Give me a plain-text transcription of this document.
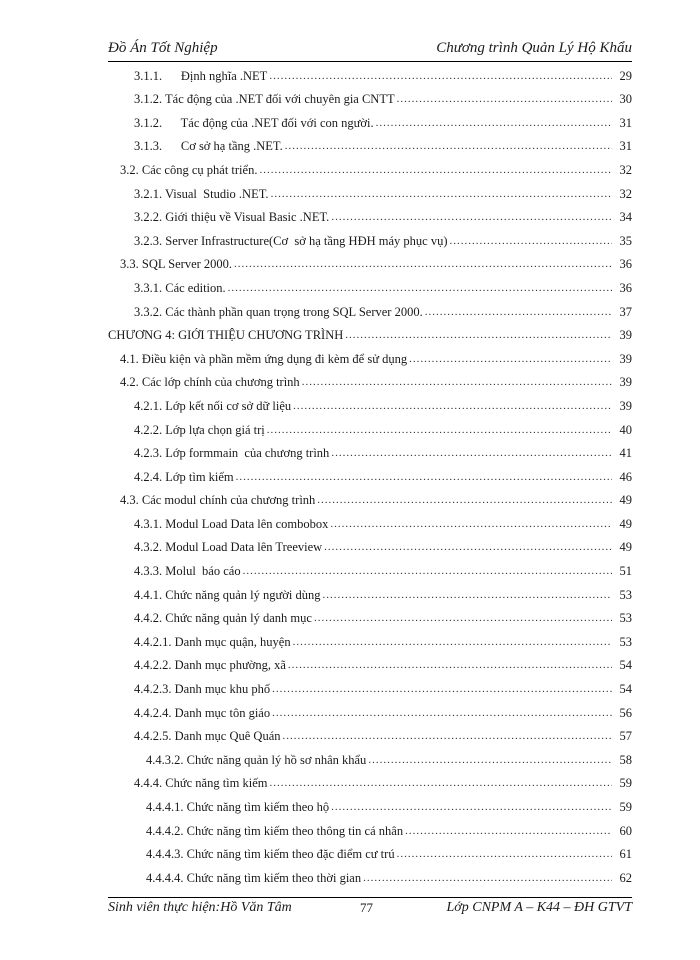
Đồ Án Tốt Nghiệp	Chương trình Quản Lý Hộ Khẩu
3.1.1.      Định nghĩa .NET .....	29
3.1.2. Tác động của .NET đối với chuyên gia CNTT .....	30
3.1.2.      Tác động của .NET đối với con người. .....	31
3.1.3.      Cơ sở hạ tầng .NET. .....	31
3.2. Các công cụ phát triển. .....	32
3.2.1. Visual  Studio .NET. .....	32
3.2.2. Giới thiệu về Visual Basic .NET. .....	34
3.2.3. Server Infrastructure(Cơ  sở hạ tầng HĐH máy phục vụ) .....	35
3.3. SQL Server 2000. .....	36
3.3.1. Các edition. .....	36
3.3.2. Các thành phần quan trọng trong SQL Server 2000. .....	37
CHƯƠNG 4: GIỚI THIỆU CHƯƠNG TRÌNH .....	39
4.1. Điều kiện và phần mềm ứng dụng đi kèm để sử dụng .....	39
4.2. Các lớp chính của chương trình .....	39
4.2.1. Lớp kết nối cơ sở dữ liệu .....	39
4.2.2. Lớp lựa chọn giá trị .....	40
4.2.3. Lớp formmain  của chương trình .....	41
4.2.4. Lớp tìm kiếm .....	46
4.3. Các modul chính của chương trình .....	49
4.3.1. Modul Load Data lên combobox .....	49
4.3.2. Modul Load Data lên Treeview .....	49
4.3.3. Molul  báo cáo .....	51
4.4.1. Chức năng quản lý người dùng .....	53
4.4.2. Chức năng quản lý danh mục .....	53
4.4.2.1. Danh mục quận, huyện .....	53
4.4.2.2. Danh mục phường, xã .....	54
4.4.2.3. Danh mục khu phố .....	54
4.4.2.4. Danh mục tôn giáo .....	56
4.4.2.5. Danh mục Quê Quán .....	57
4.4.3.2. Chức năng quản lý hồ sơ nhân khẩu .....	58
4.4.4. Chức năng tìm kiếm .....	59
4.4.4.1. Chức năng tìm kiếm theo hộ .....	59
4.4.4.2. Chức năng tìm kiếm theo thông tin cá nhân .....	60
4.4.4.3. Chức năng tìm kiếm theo đặc điểm cư trú .....	61
4.4.4.4. Chức năng tìm kiếm theo thời gian .....	62
Sinh viên thực hiện:Hồ Văn Tâm	77	Lớp CNPM A – K44 – ĐH GTVT
